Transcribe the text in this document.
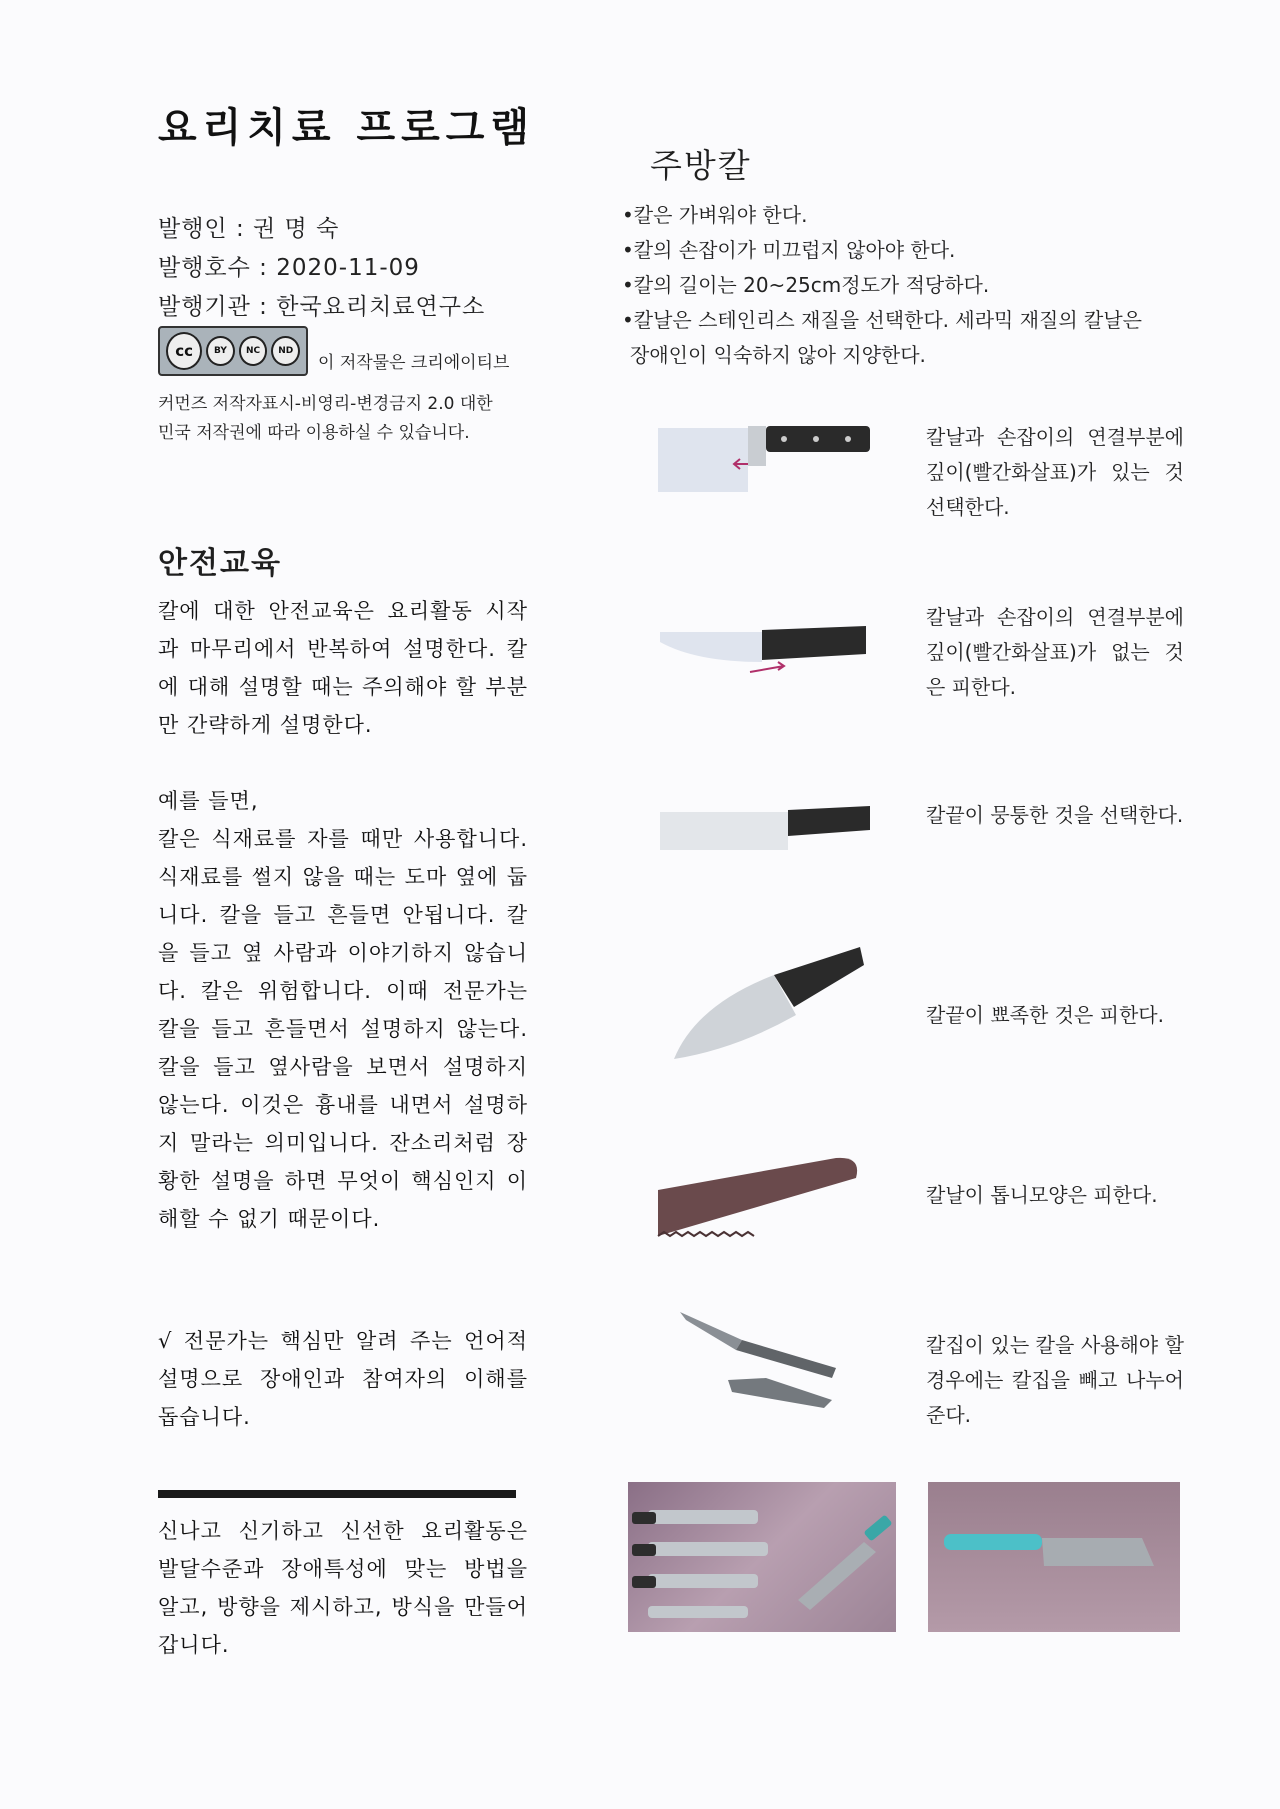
요리치료 프로그램
발행인 : 권 명 숙
발행호수 : 2020-11-09
발행기관 : 한국요리치료연구소
cc	BY	NC	ND
이 저작물은 크리에이티브
커먼즈 저작자표시-비영리-변경금지 2.0 대한
민국 저작권에 따라 이용하실 수 있습니다.
안전교육
칼에 대한 안전교육은 요리활동 시작과 마무리에서 반복하여 설명한다. 칼에 대해 설명할 때는 주의해야 할 부분만 간략하게 설명한다.
예를 들면,
칼은 식재료를 자를 때만 사용합니다. 식재료를 썰지 않을 때는 도마 옆에 둡니다. 칼을 들고 흔들면 안됩니다. 칼을 들고 옆 사람과 이야기하지 않습니다. 칼은 위험합니다. 이때 전문가는 칼을 들고 흔들면서 설명하지 않는다. 칼을 들고 옆사람을 보면서 설명하지 않는다. 이것은 흉내를 내면서 설명하지 말라는 의미입니다. 잔소리처럼 장황한 설명을 하면 무엇이 핵심인지 이해할 수 없기 때문이다.
√ 전문가는 핵심만 알려 주는 언어적 설명으로 장애인과 참여자의 이해를 돕습니다.
신나고 신기하고 신선한 요리활동은 발달수준과 장애특성에 맞는 방법을 알고, 방향을 제시하고, 방식을 만들어 갑니다.
주방칼
•칼은 가벼워야 한다.
•칼의 손잡이가 미끄럽지 않아야 한다.
•칼의 길이는 20~25cm정도가 적당하다.
•칼날은 스테인리스 재질을 선택한다. 세라믹 재질의 칼날은
장애인이 익숙하지 않아 지양한다.
칼날과 손잡이의 연결부분에 깊이(빨간화살표)가 있는 것 선택한다.
칼날과 손잡이의 연결부분에 깊이(빨간화살표)가 없는 것은 피한다.
칼끝이 뭉퉁한 것을 선택한다.
칼끝이 뾰족한 것은 피한다.
칼날이 톱니모양은 피한다.
칼집이 있는 칼을 사용해야 할 경우에는 칼집을 빼고 나누어 준다.
